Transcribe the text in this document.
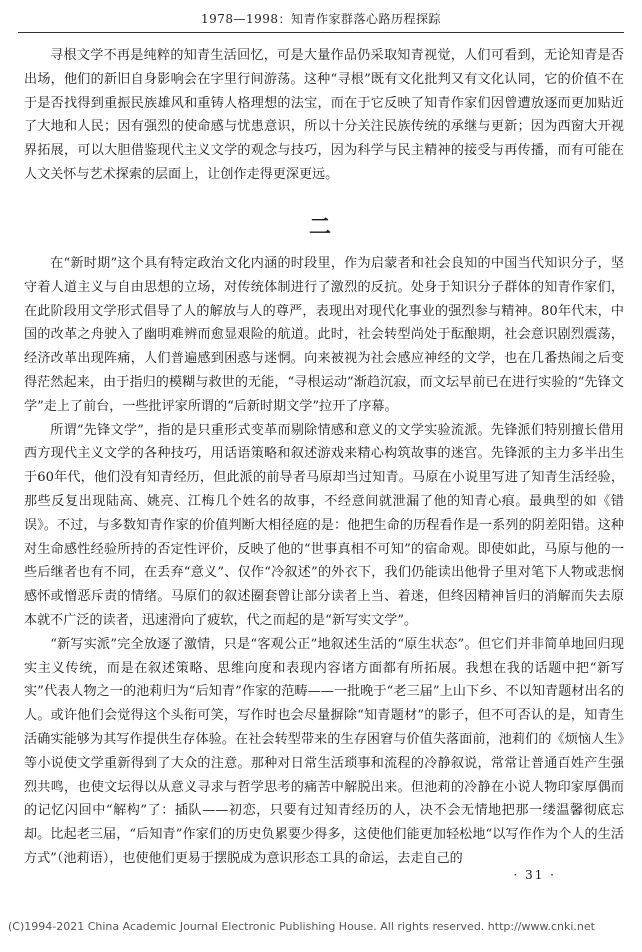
1978—1998：知青作家群落心路历程探踪

寻根文学不再是纯粹的知青生活回忆，可是大量作品仍采取知青视觉，人们可看到，无论知青是否出场，他们的新旧自身影响会在字里行间游荡。这种“寻根”既有文化批判又有文化认同，它的价值不在于是否找得到重振民族雄风和重铸人格理想的法宝，而在于它反映了知青作家们因曾遭放逐而更加贴近了大地和人民；因有强烈的使命感与忧患意识，所以十分关注民族传统的承继与更新；因为西窗大开视界拓展，可以大胆借鉴现代主义文学的观念与技巧，因为科学与民主精神的接受与再传播，而有可能在人文关怀与艺术探索的层面上，让创作走得更深更远。

二

在“新时期”这个具有特定政治文化内涵的时段里，作为启蒙者和社会良知的中国当代知识分子，坚守着人道主义与自由思想的立场，对传统体制进行了激烈的反抗。处身于知识分子群体的知青作家们，在此阶段用文学形式倡导了人的解放与人的尊严，表现出对现代化事业的强烈参与精神。80年代末，中国的改革之舟驶入了幽明难辨而愈显艰险的航道。此时，社会转型尚处于酝酿期，社会意识剧烈震荡，经济改革出现阵痛，人们普遍感到困惑与迷惘。向来被视为社会感应神经的文学，也在几番热闹之后变得茫然起来，由于指归的模糊与救世的无能，“寻根运动”渐趋沉寂，而文坛早前已在进行实验的“先锋文学”走上了前台，一些批评家所谓的“后新时期文学”拉开了序幕。

所谓“先锋文学”，指的是只重形式变革而剔除情感和意义的文学实验流派。先锋派们特别擅长借用西方现代主义文学的各种技巧，用话语策略和叙述游戏来精心构筑故事的迷宫。先锋派的主力多半出生于60年代，他们没有知青经历，但此派的前导者马原却当过知青。马原在小说里写进了知青生活经验，那些反复出现陆高、姚亮、江梅几个姓名的故事，不经意间就泄漏了他的知青心痕。最典型的如《错误》。不过，与多数知青作家的价值判断大相径庭的是：他把生命的历程看作是一系列的阴差阳错。这种对生命感性经验所持的否定性评价，反映了他的“世事真相不可知”的宿命观。即使如此，马原与他的一些后继者也有不同，在丢弃“意义”、仅作“冷叙述”的外衣下，我们仍能读出他骨子里对笔下人物或悲悯感怀或憎恶斥责的情绪。马原们的叙述圈套曾让部分读者上当、着迷，但终因精神旨归的消解而失去原本就不广泛的读者，迅速滑向了疲软，代之而起的是“新写实文学”。

“新写实派”完全放逐了激情，只是“客观公正”地叙述生活的“原生状态”。但它们并非简单地回归现实主义传统，而是在叙述策略、思维向度和表现内容诸方面都有所拓展。我想在我的话题中把“新写实”代表人物之一的池莉归为“后知青”作家的范畴——一批晚于“老三届”上山下乡、不以知青题材出名的人。或许他们会觉得这个头衔可笑，写作时也会尽量摒除“知青题材”的影子，但不可否认的是，知青生活确实能够为其写作提供生存体验。在社会转型带来的生存困窘与价值失落面前，池莉们的《烦恼人生》等小说使文学重新得到了大众的注意。那种对日常生活琐事和流程的冷静叙说，常常让普通百姓产生强烈共鸣，也使文坛得以从意义寻求与哲学思考的痛苦中解脱出来。但池莉的冷静在小说人物印家厚偶而的记忆闪回中“解构”了：插队——初恋，只要有过知青经历的人，决不会无情地把那一缕温馨彻底忘却。比起老三届，“后知青”作家们的历史负累要少得多，这使他们能更加轻松地“以写作作为个人的生活方式”（池莉语），也使他们更易于摆脱成为意识形态工具的命运，去走自己的

· 31 ·
(C)1994-2021 China Academic Journal Electronic Publishing House. All rights reserved. http://www.cnki.net
